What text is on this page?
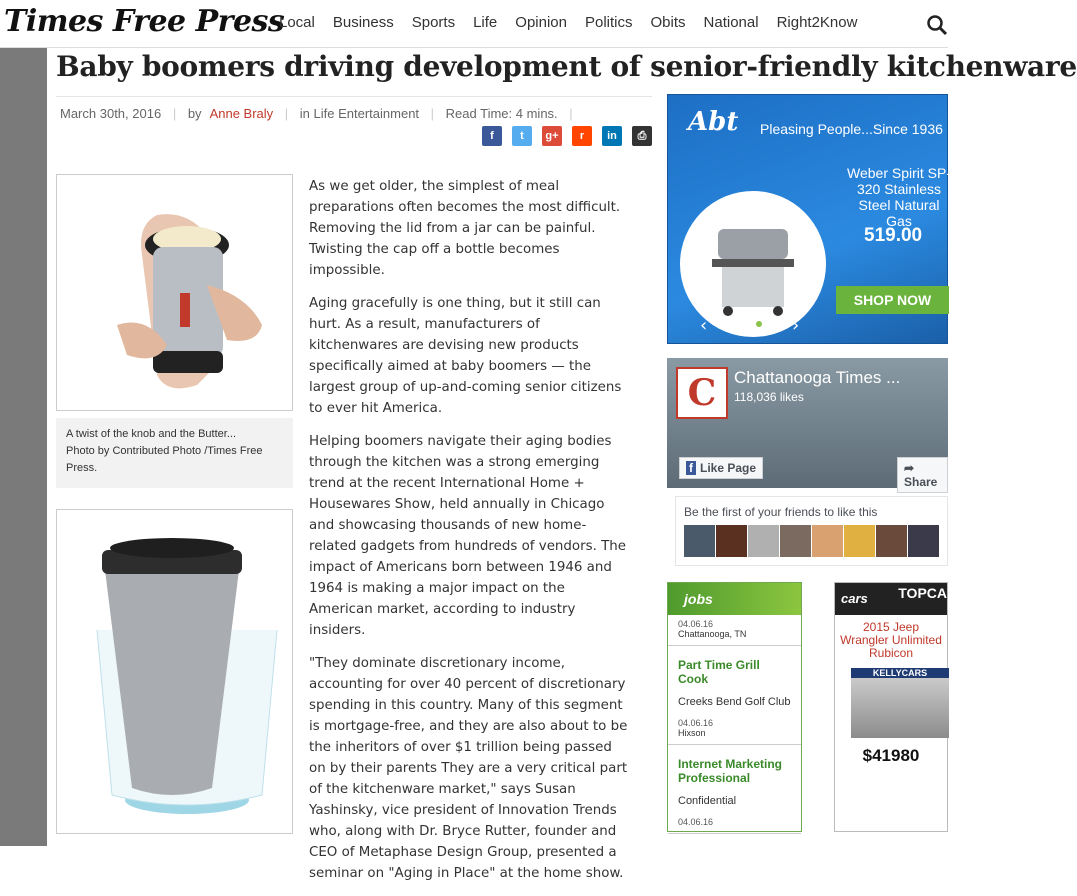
Times Free Press
Local Business Sports Life Opinion Politics Obits National Right2Know
Baby boomers driving development of senior-friendly kitchenware
March 30th, 2016 | by Anne Braly | in Life Entertainment | Read Time: 4 mins. |
f	t	g+	r	in	⎙
A twist of the knob and the Butter...
Photo by Contributed Photo /Times Free Press.

As we get older, the simplest of meal preparations often becomes the most difficult. Removing the lid from a jar can be painful. Twisting the cap off a bottle becomes impossible.

Aging gracefully is one thing, but it still can hurt. As a result, manufacturers of kitchenwares are devising new products specifically aimed at baby boomers — the largest group of up-and-coming senior citizens to ever hit America.

Helping boomers navigate their aging bodies through the kitchen was a strong emerging trend at the recent International Home + Housewares Show, held annually in Chicago and showcasing thousands of new home-related gadgets from hundreds of vendors. The impact of Americans born between 1946 and 1964 is making a major impact on the American market, according to industry insiders.

"They dominate discretionary income, accounting for over 40 percent of discretionary spending in this country. Many of this segment is mortgage-free, and they are also about to be the inheritors of over $1 trillion being passed on by their parents They are a very critical part of the kitchenware market," says Susan Yashinsky, vice president of Innovation Trends who, along with Dr. Bryce Rutter, founder and CEO of Metaphase Design Group, presented a seminar on "Aging in Place" at the home show.

Abt Pleasing People...Since 1936
Weber Spirit SP-320 Stainless Steel Natural Gas
519.00
SHOP NOW
‹	›
C	Chattanooga Times ...
118,036 likes
f Like Page	➦ Share
Be the first of your friends to like this
jobs
04.06.16
Chattanooga, TN
Part Time Grill Cook
Creeks Bend Golf Club
04.06.16
Hixson
Internet Marketing Professional
Confidential
04.06.16
cars TOPCA
2015 Jeep Wrangler Unlimited Rubicon
KELLYCARS
$41980
